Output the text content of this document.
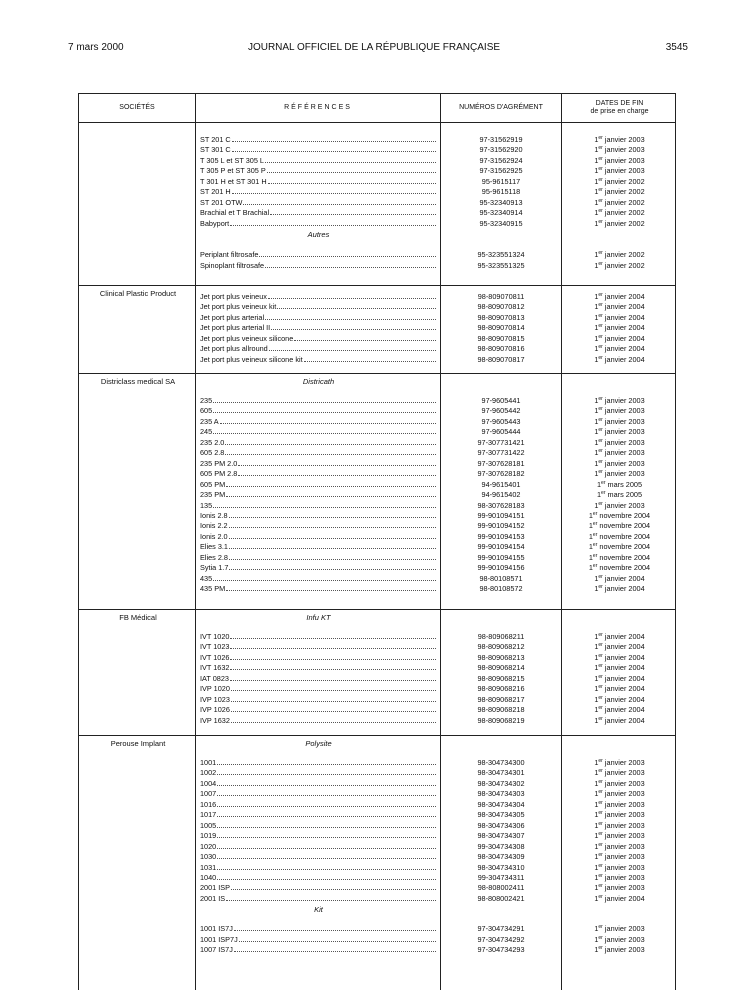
7 mars 2000	JOURNAL OFFICIEL DE LA RÉPUBLIQUE FRANÇAISE	3545
SOCIÉTÉS	RÉFÉRENCES	NUMÉROS D'AGRÉMENT
DATES DE FIN
de prise en charge
ST 201 C	97-31562919	1er janvier 2003
ST 301 C	97-31562920	1er janvier 2003
T 305 L et ST 305 L	97-31562924	1er janvier 2003
T 305 P et ST 305 P	97-31562925	1er janvier 2003
T 301 H et ST 301 H	95-9615117	1er janvier 2002
ST 201 H	95-9615118	1er janvier 2002
ST 201 OTW	95-32340913	1er janvier 2002
Brachial et T Brachial	95-32340914	1er janvier 2002
Babyport	95-32340915	1er janvier 2002
Autres
Periplant filtrosafe	95-323551324	1er janvier 2002
Spinoplant filtrosafe	95-323551325	1er janvier 2002
Clinical Plastic Product	Jet port plus veineux	98-809070811	1er janvier 2004
Jet port plus veineux kit	98-809070812	1er janvier 2004
Jet port plus arterial	98-809070813	1er janvier 2004
Jet port plus arterial II	98-809070814	1er janvier 2004
Jet port plus veineux silicone	98-809070815	1er janvier 2004
Jet port plus allround	98-809070816	1er janvier 2004
Jet port plus veineux silicone kit	98-809070817	1er janvier 2004
Districlass medical SA	Districath
235	97-9605441	1er janvier 2003
605	97-9605442	1er janvier 2003
235 A	97-9605443	1er janvier 2003
245	97-9605444	1er janvier 2003
235 2.0	97-307731421	1er janvier 2003
605 2.8	97-307731422	1er janvier 2003
235 PM 2.0	97-307628181	1er janvier 2003
605 PM 2.8	97-307628182	1er janvier 2003
605 PM	94-9615401	1er mars 2005
235 PM	94-9615402	1er mars 2005
135	98-307628183	1er janvier 2003
Ionis 2.8	99-901094151	1er novembre 2004
Ionis 2.2	99-901094152	1er novembre 2004
Ionis 2.0	99-901094153	1er novembre 2004
Elies 3.1	99-901094154	1er novembre 2004
Elies 2.8	99-901094155	1er novembre 2004
Sytia 1.7	99-901094156	1er novembre 2004
435	98-80108571	1er janvier 2004
435 PM	98-80108572	1er janvier 2004
FB Médical	Infu KT
IVT 1020	98-809068211	1er janvier 2004
IVT 1023	98-809068212	1er janvier 2004
IVT 1026	98-809068213	1er janvier 2004
IVT 1632	98-809068214	1er janvier 2004
IAT 0823	98-809068215	1er janvier 2004
IVP 1020	98-809068216	1er janvier 2004
IVP 1023	98-809068217	1er janvier 2004
IVP 1026	98-809068218	1er janvier 2004
IVP 1632	98-809068219	1er janvier 2004
Perouse Implant	Polysite
1001	98-304734300	1er janvier 2003
1002	98-304734301	1er janvier 2003
1004	98-304734302	1er janvier 2003
1007	98-304734303	1er janvier 2003
1016	98-304734304	1er janvier 2003
1017	98-304734305	1er janvier 2003
1005	98-304734306	1er janvier 2003
1019	98-304734307	1er janvier 2003
1020	99-304734308	1er janvier 2003
1030	98-304734309	1er janvier 2003
1031	98-304734310	1er janvier 2003
1040	99-304734311	1er janvier 2003
2001 ISP	98-808002411	1er janvier 2003
2001 IS	98-808002421	1er janvier 2004
Kit
1001 IS7J	97-304734291	1er janvier 2003
1001 ISP7J	97-304734292	1er janvier 2003
1007 IS7J	97-304734293	1er janvier 2003
